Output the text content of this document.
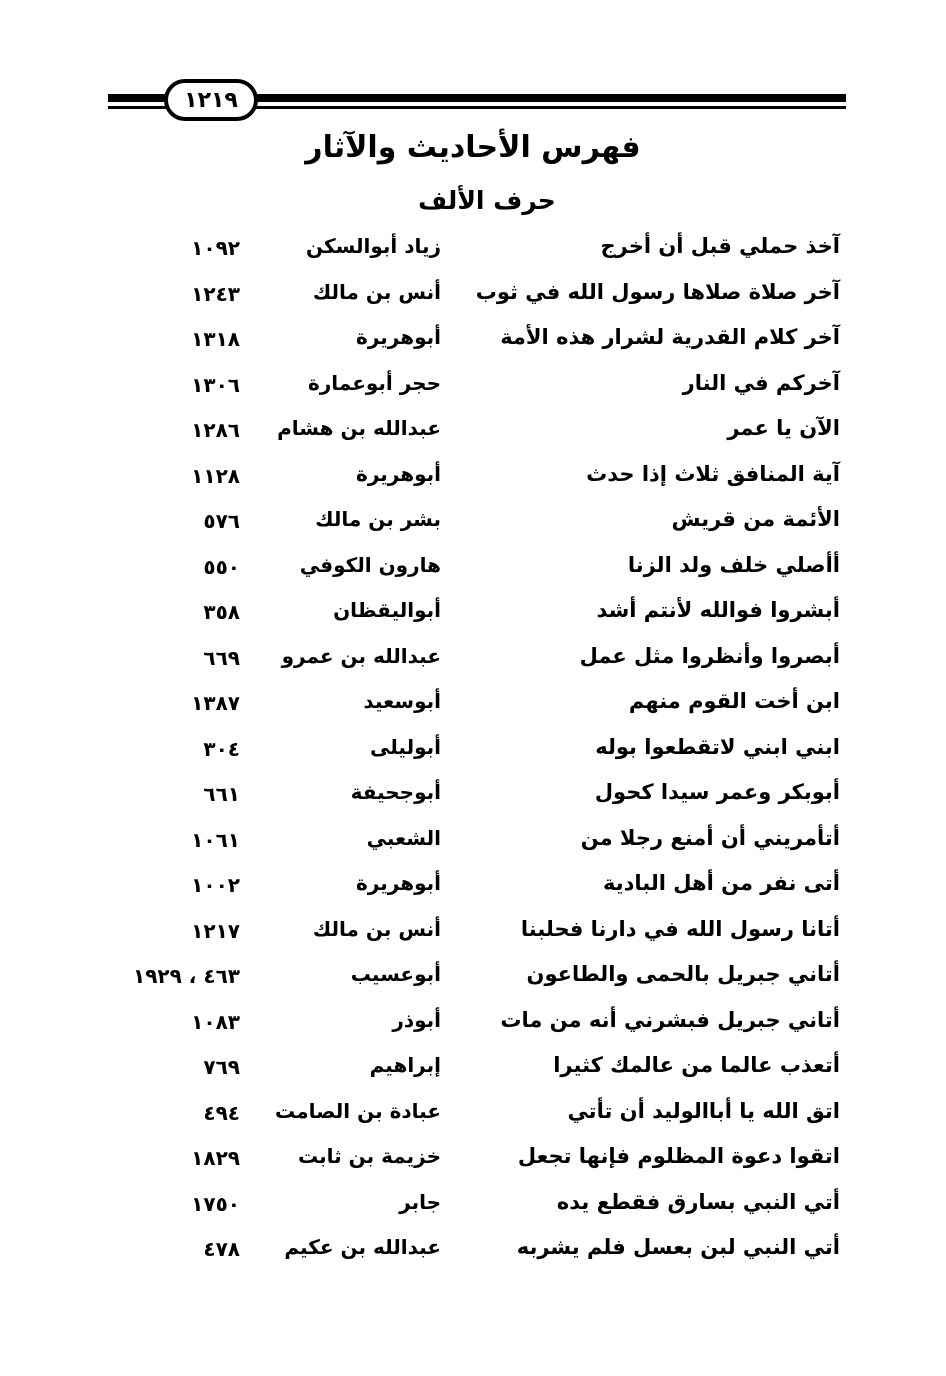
١٢١٩
فهرس الأحاديث والآثار
حرف الألف
آخذ حملي قبل أن أخرج
زياد أبوالسكن
١٠٩٢
آخر صلاة صلاها رسول الله في ثوب
أنس بن مالك
١٢٤٣
آخر كلام القدرية لشرار هذه الأمة
أبوهريرة
١٣١٨
آخركم في النار
حجر أبوعمارة
١٣٠٦
الآن يا عمر
عبدالله بن هشام
١٢٨٦
آية المنافق ثلاث إذا حدث
أبوهريرة
١١٢٨
الأئمة من قريش
بشر بن مالك
٥٧٦
أأصلي خلف ولد الزنا
هارون الكوفي
٥٥٠
أبشروا فوالله لأنتم أشد
أبواليقظان
٣٥٨
أبصروا وأنظروا مثل عمل
عبدالله بن عمرو
٦٦٩
ابن أخت القوم منهم
أبوسعيد
١٣٨٧
ابني ابني لاتقطعوا بوله
أبوليلى
٣٠٤
أبوبكر وعمر سيدا كحول
أبوجحيفة
٦٦١
أتأمريني أن أمنع رجلا من
الشعبي
١٠٦١
أتى نفر من أهل البادية
أبوهريرة
١٠٠٢
أتانا رسول الله في دارنا فحلبنا
أنس بن مالك
١٢١٧
أتاني جبريل بالحمى والطاعون
أبوعسيب
٤٦٣ ، ١٩٢٩
أتاني جبريل فبشرني أنه من مات
أبوذر
١٠٨٣
أتعذب عالما من عالمك كثيرا
إبراهيم
٧٦٩
اتق الله يا أباالوليد أن تأتي
عبادة بن الصامت
٤٩٤
اتقوا دعوة المظلوم فإنها تجعل
خزيمة بن ثابت
١٨٢٩
أتي النبي بسارق فقطع يده
جابر
١٧٥٠
أتي النبي لبن بعسل فلم يشربه
عبدالله بن عكيم
٤٧٨
